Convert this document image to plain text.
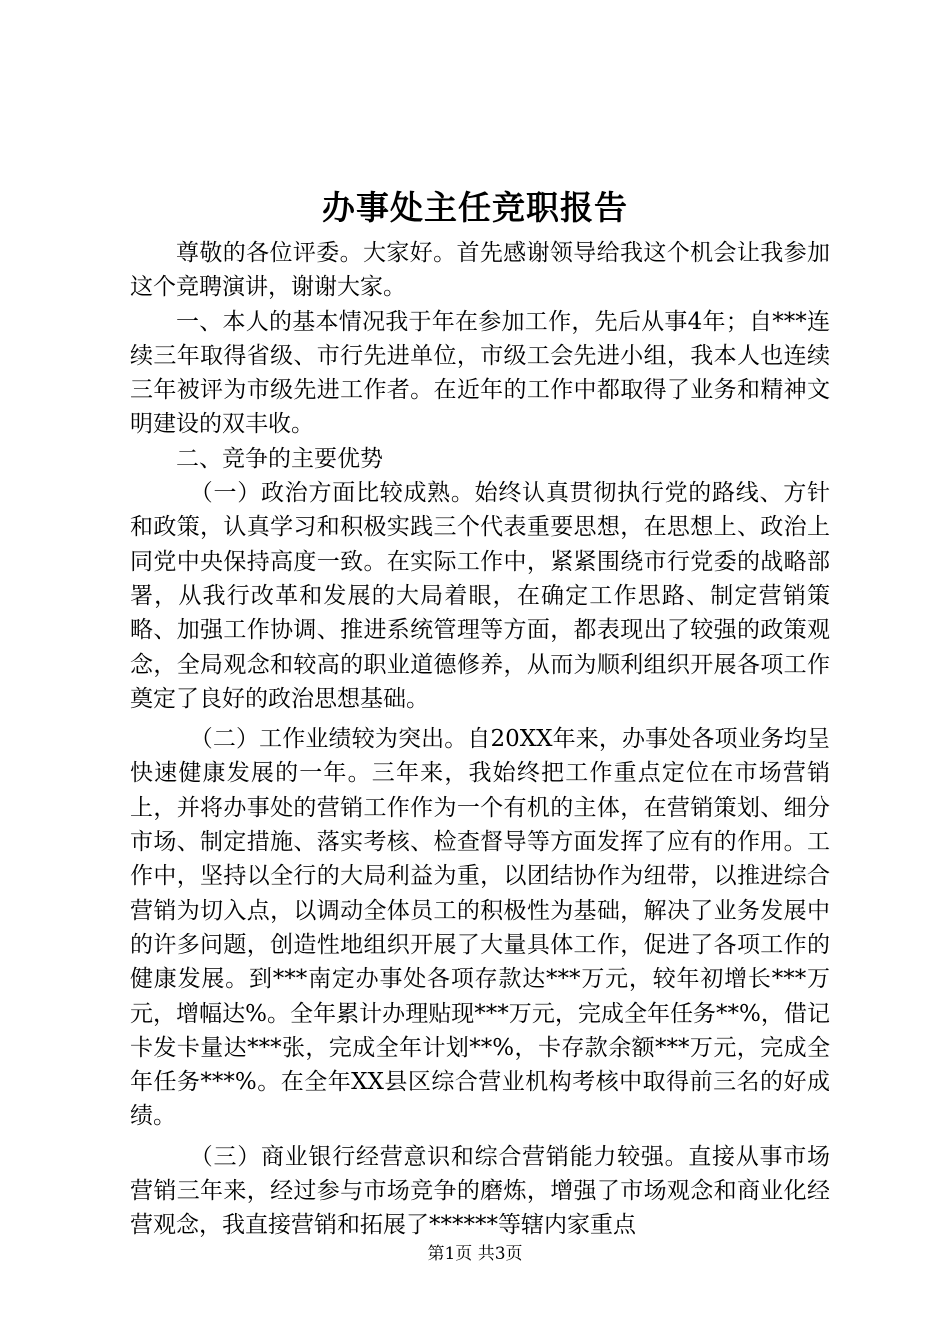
办事处主任竞职报告

尊敬的各位评委。大家好。首先感谢领导给我这个机会让我参加这个竞聘演讲，谢谢大家。

一、本人的基本情况我于年在参加工作，先后从事4年；自***连续三年取得省级、市行先进单位，市级工会先进小组，我本人也连续三年被评为市级先进工作者。在近年的工作中都取得了业务和精神文明建设的双丰收。

二、竞争的主要优势

（一）政治方面比较成熟。始终认真贯彻执行党的路线、方针和政策，认真学习和积极实践三个代表重要思想，在思想上、政治上同党中央保持高度一致。在实际工作中，紧紧围绕市行党委的战略部署，从我行改革和发展的大局着眼，在确定工作思路、制定营销策略、加强工作协调、推进系统管理等方面，都表现出了较强的政策观念，全局观念和较高的职业道德修养，从而为顺利组织开展各项工作奠定了良好的政治思想基础。

（二）工作业绩较为突出。自20XX年来，办事处各项业务均呈快速健康发展的一年。三年来，我始终把工作重点定位在市场营销上，并将办事处的营销工作作为一个有机的主体，在营销策划、细分市场、制定措施、落实考核、检查督导等方面发挥了应有的作用。工作中，坚持以全行的大局利益为重，以团结协作为纽带，以推进综合营销为切入点，以调动全体员工的积极性为基础，解决了业务发展中的许多问题，创造性地组织开展了大量具体工作，促进了各项工作的健康发展。到***南定办事处各项存款达***万元，较年初增长***万元，增幅达%。全年累计办理贴现***万元，完成全年任务**%，借记卡发卡量达***张，完成全年计划**%，卡存款余额***万元，完成全年任务***%。在全年XX县区综合营业机构考核中取得前三名的好成绩。

（三）商业银行经营意识和综合营销能力较强。直接从事市场营销三年来，经过参与市场竞争的磨炼，增强了市场观念和商业化经营观念，我直接营销和拓展了******等辖内家重点

第1页 共3页
